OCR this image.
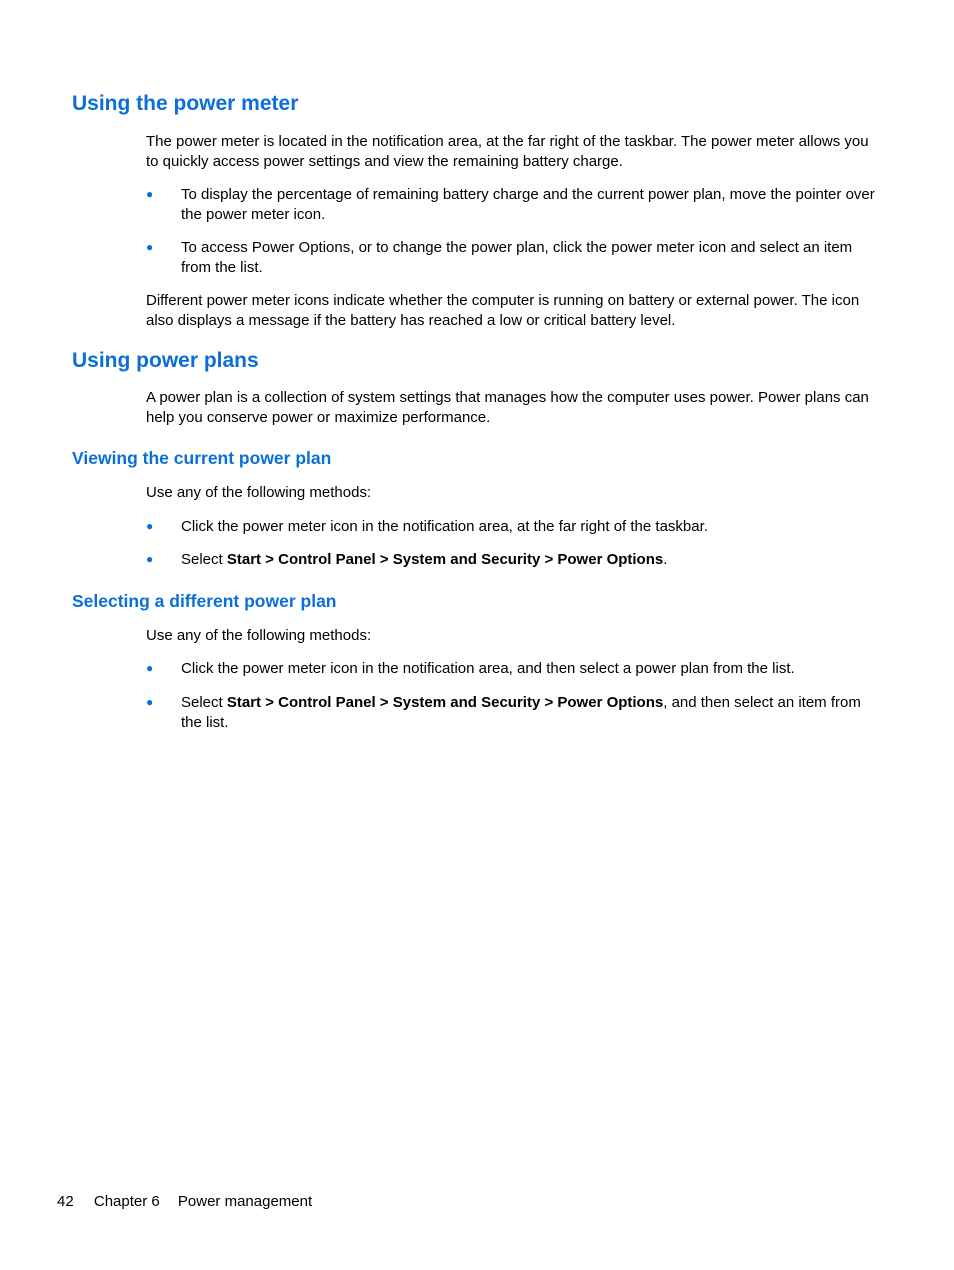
Using the power meter

The power meter is located in the notification area, at the far right of the taskbar. The power meter allows you to quickly access power settings and view the remaining battery charge.

● To display the percentage of remaining battery charge and the current power plan, move the pointer over the power meter icon.
● To access Power Options, or to change the power plan, click the power meter icon and select an item from the list.

Different power meter icons indicate whether the computer is running on battery or external power. The icon also displays a message if the battery has reached a low or critical battery level.

Using power plans

A power plan is a collection of system settings that manages how the computer uses power. Power plans can help you conserve power or maximize performance.

Viewing the current power plan

Use any of the following methods:

● Click the power meter icon in the notification area, at the far right of the taskbar.
● Select Start > Control Panel > System and Security > Power Options.
Selecting a different power plan

Use any of the following methods:

● Click the power meter icon in the notification area, and then select a power plan from the list.
● Select Start > Control Panel > System and Security > Power Options, and then select an item from the list.
42 Chapter 6 Power management
